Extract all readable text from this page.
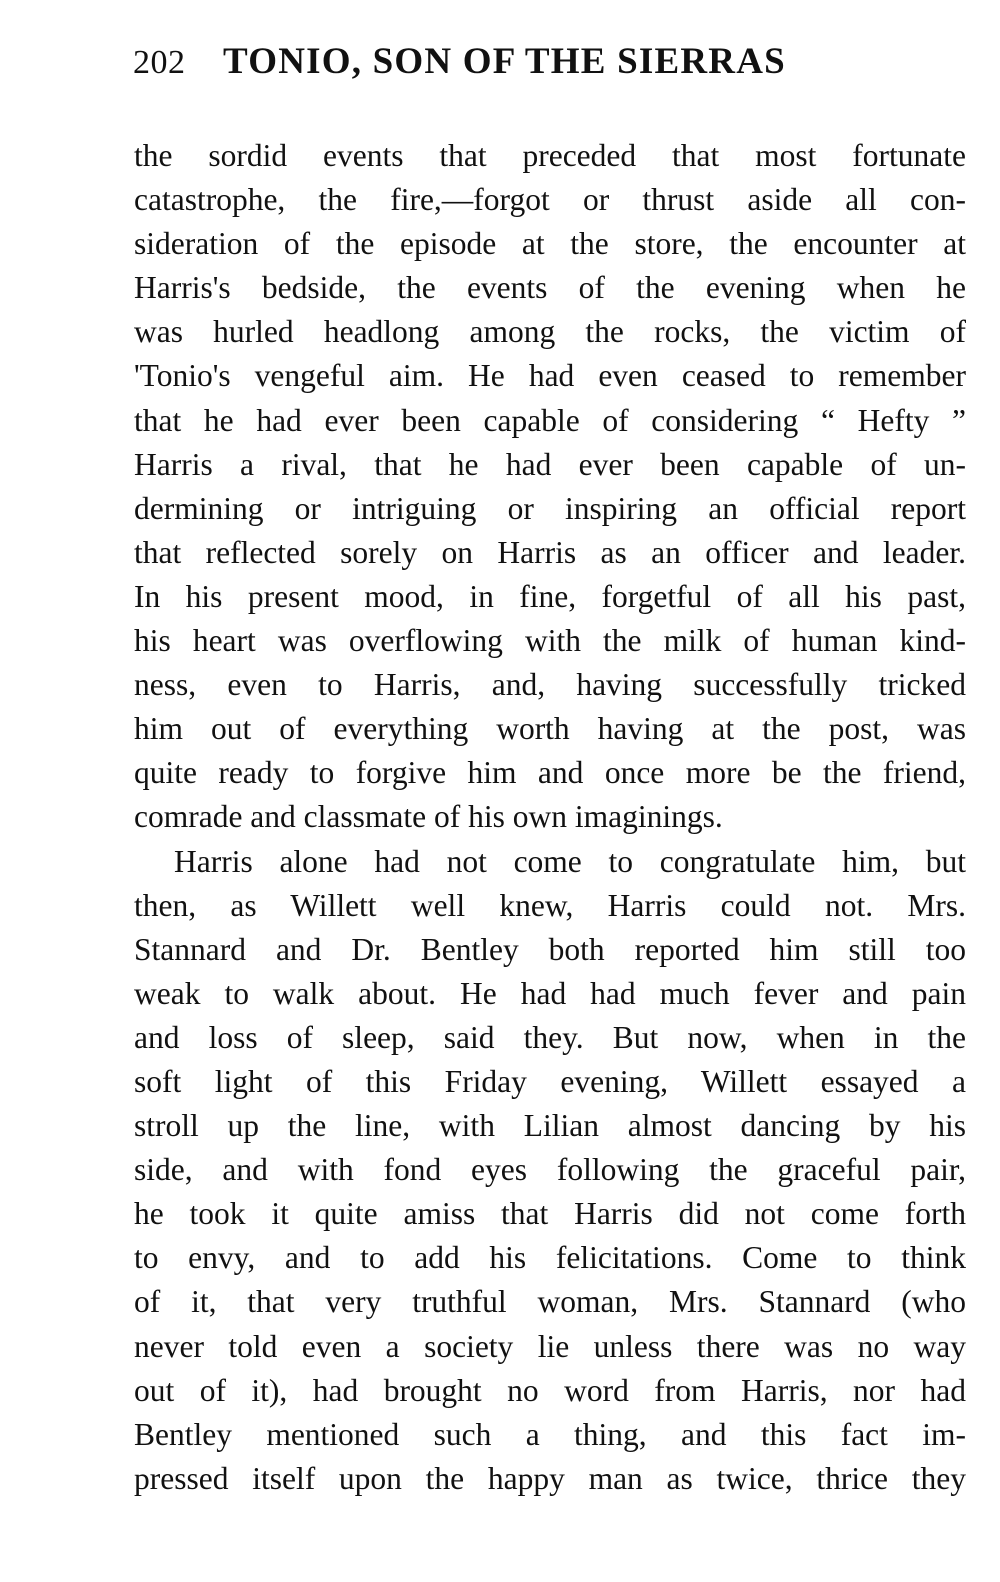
202	TONIO, SON OF THE SIERRAS
the sordid events that preceded that most fortunate
catastrophe, the fire,—forgot or thrust aside all con-
sideration of the episode at the store, the encounter at
Harris's bedside, the events of the evening when he
was hurled headlong among the rocks, the victim of
'Tonio's vengeful aim. He had even ceased to remember
that he had ever been capable of considering “ Hefty ”
Harris a rival, that he had ever been capable of un-
dermining or intriguing or inspiring an official report
that reflected sorely on Harris as an officer and leader.
In his present mood, in fine, forgetful of all his past,
his heart was overflowing with the milk of human kind-
ness, even to Harris, and, having successfully tricked
him out of everything worth having at the post, was
quite ready to forgive him and once more be the friend,
comrade and classmate of his own imaginings.
Harris alone had not come to congratulate him, but
then, as Willett well knew, Harris could not. Mrs.
Stannard and Dr. Bentley both reported him still too
weak to walk about. He had had much fever and pain
and loss of sleep, said they. But now, when in the
soft light of this Friday evening, Willett essayed a
stroll up the line, with Lilian almost dancing by his
side, and with fond eyes following the graceful pair,
he took it quite amiss that Harris did not come forth
to envy, and to add his felicitations. Come to think
of it, that very truthful woman, Mrs. Stannard (who
never told even a society lie unless there was no way
out of it), had brought no word from Harris, nor had
Bentley mentioned such a thing, and this fact im-
pressed itself upon the happy man as twice, thrice they
